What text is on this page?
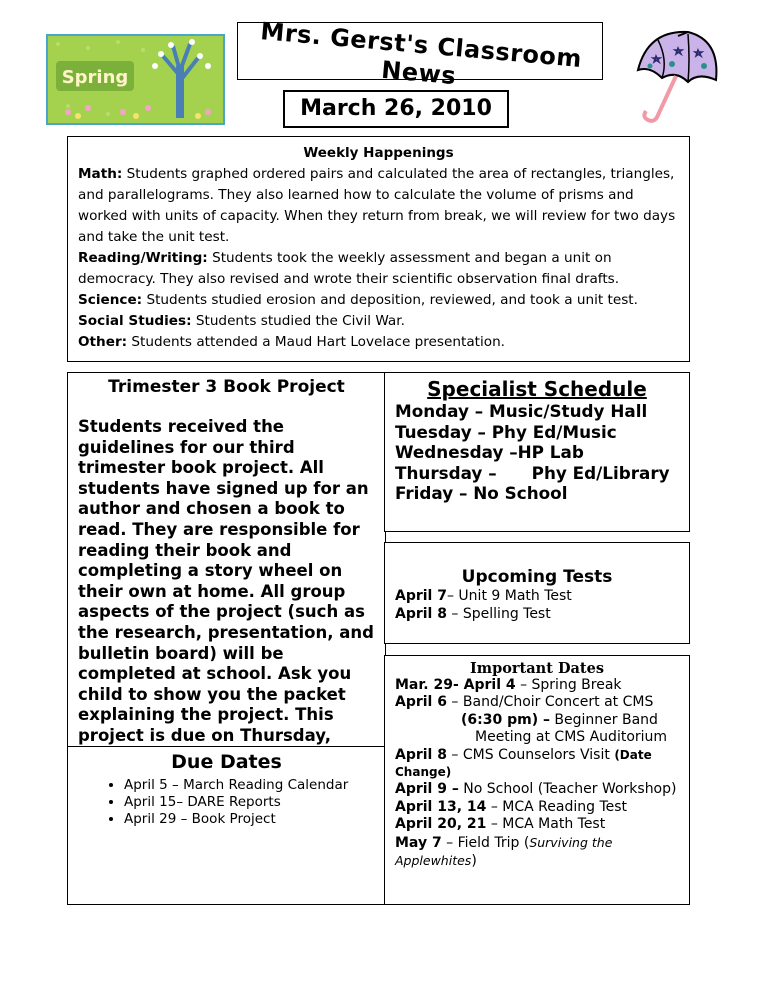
Spring
Mrs. Gerst's Classroom News
March 26, 2010
Weekly Happenings

Math: Students graphed ordered pairs and calculated the area of rectangles, triangles, and parallelograms. They also learned how to calculate the volume of prisms and worked with units of capacity. When they return from break, we will review for two days and take the unit test.

Reading/Writing: Students took the weekly assessment and began a unit on democracy. They also revised and wrote their scientific observation final drafts.

Science: Students studied erosion and deposition, reviewed, and took a unit test.

Social Studies: Students studied the Civil War.

Other: Students attended a Maud Hart Lovelace presentation.

Trimester 3 Book Project
Students received the guidelines for our third trimester book project. All students have signed up for an author and chosen a book to read. They are responsible for reading their book and completing a story wheel on their own at home. All group aspects of the project (such as the research, presentation, and bulletin board) will be completed at school. Ask you child to show you the packet explaining the project. This project is due on Thursday,
Due Dates
• April 5 – March Reading Calendar
• April 15– DARE Reports
• April 29 – Book Project
Specialist Schedule
Monday – Music/Study Hall
Tuesday – Phy Ed/Music
Wednesday –HP Lab
Thursday –      Phy Ed/Library
Friday – No School
Upcoming Tests
April 7– Unit 9 Math Test
April 8 – Spelling Test
Important Dates
Mar. 29- April 4 – Spring Break
April 6 – Band/Choir Concert at CMS
(6:30 pm) – Beginner Band
Meeting at CMS Auditorium
April 8 – CMS Counselors Visit (Date Change)
April 9 – No School (Teacher Workshop)
April 13, 14 – MCA Reading Test
April 20, 21 – MCA Math Test
May 7 – Field Trip (Surviving the Applewhites)
